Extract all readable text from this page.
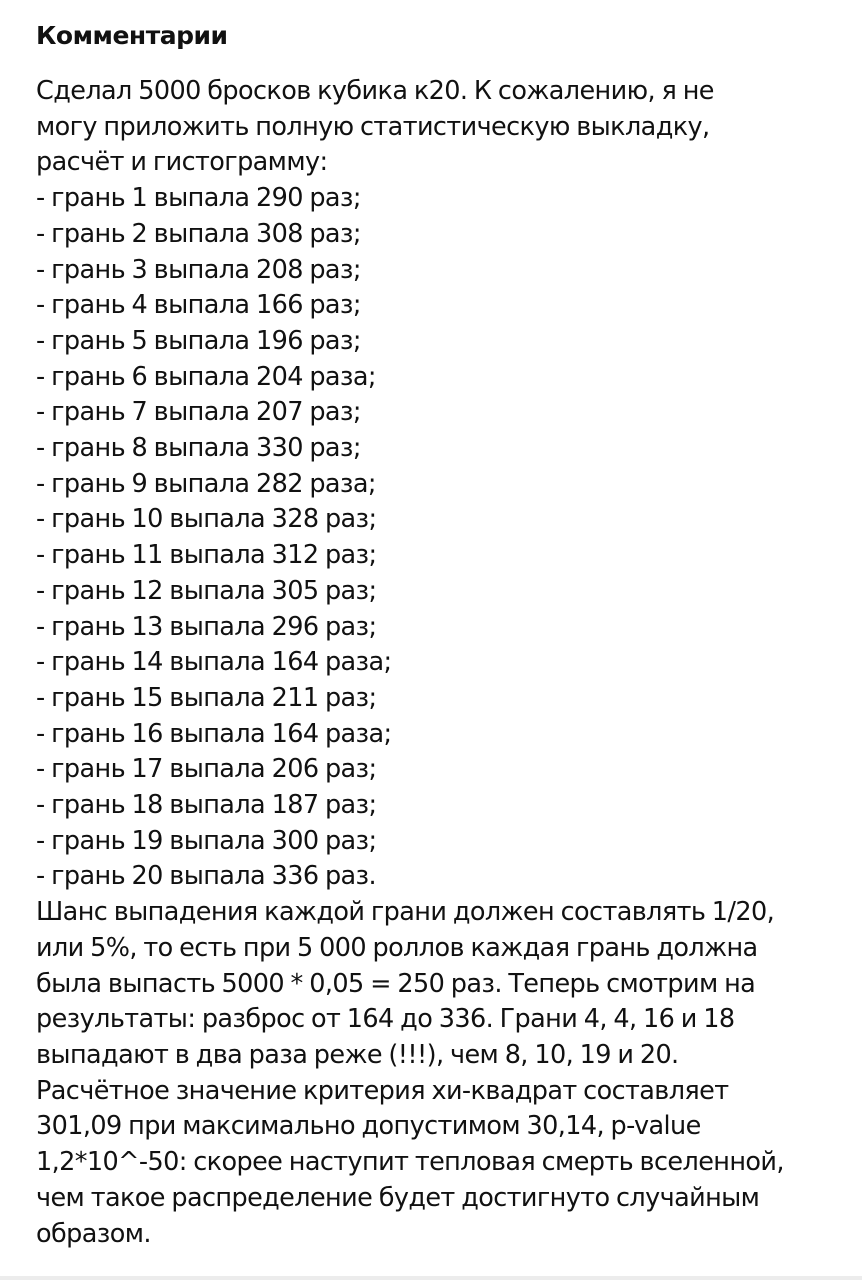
Комментарии
Сделал 5000 бросков кубика к20. К сожалению, я не
могу приложить полную статистическую выкладку,
расчёт и гистограмму:
- грань 1 выпала 290 раз;
- грань 2 выпала 308 раз;
- грань 3 выпала 208 раз;
- грань 4 выпала 166 раз;
- грань 5 выпала 196 раз;
- грань 6 выпала 204 раза;
- грань 7 выпала 207 раз;
- грань 8 выпала 330 раз;
- грань 9 выпала 282 раза;
- грань 10 выпала 328 раз;
- грань 11 выпала 312 раз;
- грань 12 выпала 305 раз;
- грань 13 выпала 296 раз;
- грань 14 выпала 164 раза;
- грань 15 выпала 211 раз;
- грань 16 выпала 164 раза;
- грань 17 выпала 206 раз;
- грань 18 выпала 187 раз;
- грань 19 выпала 300 раз;
- грань 20 выпала 336 раз.
Шанс выпадения каждой грани должен составлять 1/20,
или 5%, то есть при 5 000 роллов каждая грань должна
была выпасть 5000 * 0,05 = 250 раз. Теперь смотрим на
результаты: разброс от 164 до 336. Грани 4, 4, 16 и 18
выпадают в два раза реже (!!!), чем 8, 10, 19 и 20.
Расчётное значение критерия хи-квадрат составляет
301,09 при максимально допустимом 30,14, p-value
1,2*10^-50: скорее наступит тепловая смерть вселенной,
чем такое распределение будет достигнуто случайным
образом.
